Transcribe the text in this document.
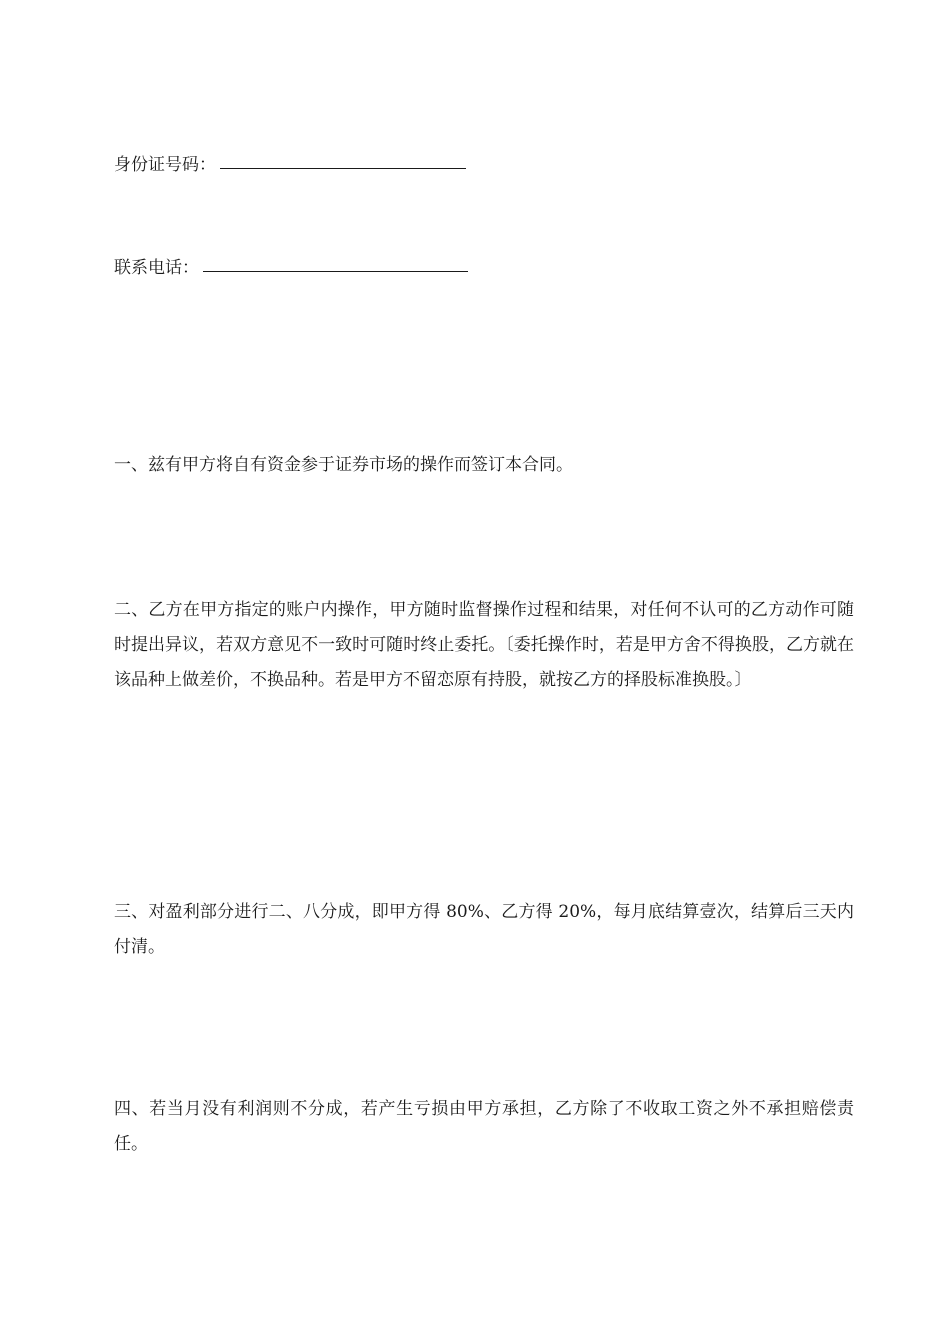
身份证号码：
联系电话：

一、兹有甲方将自有资金参于证券市场的操作而签订本合同。

二、乙方在甲方指定的账户内操作，甲方随时监督操作过程和结果，对任何不认可的乙方动作可随时提出异议，若双方意见不一致时可随时终止委托。〔委托操作时，若是甲方舍不得换股，乙方就在该品种上做差价，不换品种。若是甲方不留恋原有持股，就按乙方的择股标准换股。〕

三、对盈利部分进行二、八分成，即甲方得 80%、乙方得 20%，每月底结算壹次，结算后三天内付清。

四、若当月没有利润则不分成，若产生亏损由甲方承担，乙方除了不收取工资之外不承担赔偿责任。
